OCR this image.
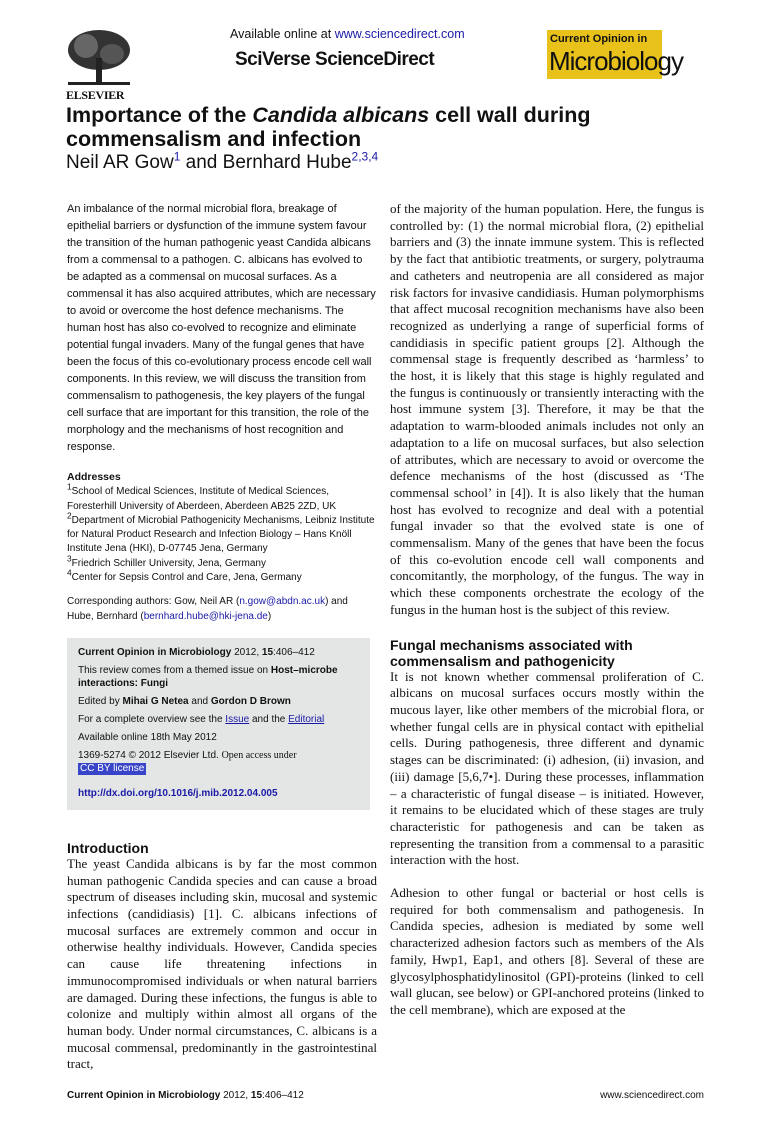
ELSEVIER
Available online at www.sciencedirect.com
SciVerse ScienceDirect
Current Opinion in
Microbiology
Importance of the Candida albicans cell wall during commensalism and infection
Neil AR Gow$^1$ and Bernhard Hube$^{2,3,4}$

An imbalance of the normal microbial flora, breakage of epithelial barriers or dysfunction of the immune system favour the transition of the human pathogenic yeast Candida albicans from a commensal to a pathogen. C. albicans has evolved to be adapted as a commensal on mucosal surfaces. As a commensal it has also acquired attributes, which are necessary to avoid or overcome the host defence mechanisms. The human host has also co-evolved to recognize and eliminate potential fungal invaders. Many of the fungal genes that have been the focus of this co-evolutionary process encode cell wall components. In this review, we will discuss the transition from commensalism to pathogenesis, the key players of the fungal cell surface that are important for this transition, the role of the morphology and the mechanisms of host recognition and response.

Addresses
$^1$School of Medical Sciences, Institute of Medical Sciences, Foresterhill University of Aberdeen, Aberdeen AB25 2ZD, UK
$^2$Department of Microbial Pathogenicity Mechanisms, Leibniz Institute for Natural Product Research and Infection Biology – Hans Knöll Institute Jena (HKI), D-07745 Jena, Germany
$^3$Friedrich Schiller University, Jena, Germany
$^4$Center for Sepsis Control and Care, Jena, Germany
Corresponding authors: Gow, Neil AR (n.gow@abdn.ac.uk) and Hube, Bernhard (bernhard.hube@hki-jena.de)
Current Opinion in Microbiology 2012, 15:406–412
This review comes from a themed issue on Host–microbe interactions: Fungi
Edited by Mihai G Netea and Gordon D Brown
For a complete overview see the Issue and the Editorial
Available online 18th May 2012
1369-5274 © 2012 Elsevier Ltd. Open access under CC BY license
http://dx.doi.org/10.1016/j.mib.2012.04.005
Introduction

The yeast Candida albicans is by far the most common human pathogenic Candida species and can cause a broad spectrum of diseases including skin, mucosal and systemic infections (candidiasis) [1]. C. albicans infections of mucosal surfaces are extremely common and occur in otherwise healthy individuals. However, Candida species can cause life threatening infections in immunocompromised individuals or when natural barriers are damaged. During these infections, the fungus is able to colonize and multiply within almost all organs of the human body. Under normal circumstances, C. albicans is a mucosal commensal, predominantly in the gastrointestinal tract,

of the majority of the human population. Here, the fungus is controlled by: (1) the normal microbial flora, (2) epithelial barriers and (3) the innate immune system. This is reflected by the fact that antibiotic treatments, or surgery, polytrauma and catheters and neutropenia are all considered as major risk factors for invasive candidiasis. Human polymorphisms that affect mucosal recognition mechanisms have also been recognized as underlying a range of superficial forms of candidiasis in specific patient groups [2]. Although the commensal stage is frequently described as ‘harmless’ to the host, it is likely that this stage is highly regulated and the fungus is continuously or transiently interacting with the host immune system [3]. Therefore, it may be that the adaptation to warm-blooded animals includes not only an adaptation to a life on mucosal surfaces, but also selection of attributes, which are necessary to avoid or overcome the defence mechanisms of the host (discussed as ‘The commensal school’ in [4]). It is also likely that the human host has evolved to recognize and deal with a potential fungal invader so that the evolved state is one of commensalism. Many of the genes that have been the focus of this co-evolution encode cell wall components and concomitantly, the morphology, of the fungus. The way in which these components orchestrate the ecology of the fungus in the human host is the subject of this review.

Fungal mechanisms associated with commensalism and pathogenicity

It is not known whether commensal proliferation of C. albicans on mucosal surfaces occurs mostly within the mucous layer, like other members of the microbial flora, or whether fungal cells are in physical contact with epithelial cells. During pathogenesis, three different and dynamic stages can be discriminated: (i) adhesion, (ii) invasion, and (iii) damage [5,6,7•]. During these processes, inflammation – a characteristic of fungal disease – is initiated. However, it remains to be elucidated which of these stages are truly characteristic for pathogenesis and can be taken as representing the transition from a commensal to a parasitic interaction with the host.

Adhesion to other fungal or bacterial or host cells is required for both commensalism and pathogenesis. In Candida species, adhesion is mediated by some well characterized adhesion factors such as members of the Als family, Hwp1, Eap1, and others [8]. Several of these are glycosylphosphatidylinositol (GPI)-proteins (linked to cell wall glucan, see below) or GPI-anchored proteins (linked to the cell membrane), which are exposed at the

Current Opinion in Microbiology 2012, 15:406–412	www.sciencedirect.com
